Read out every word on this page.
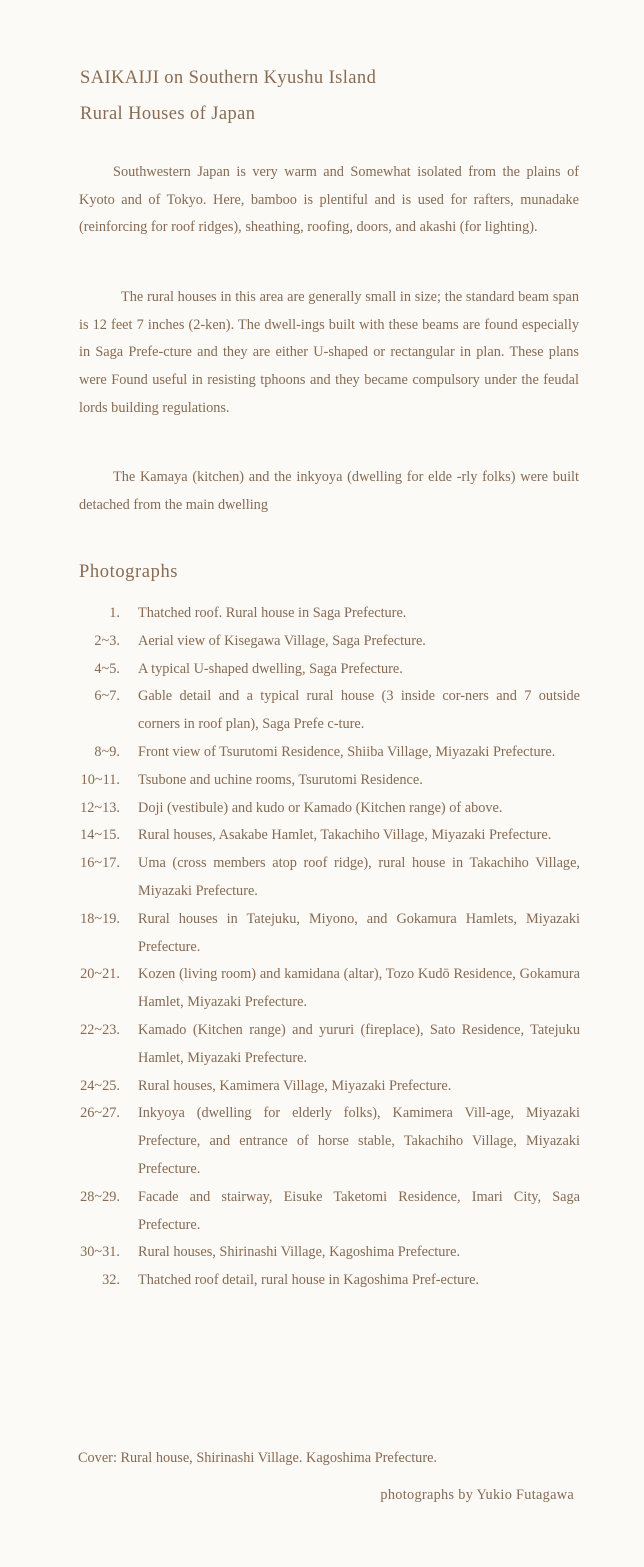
SAIKAIJI on Southern Kyushu Island
Rural Houses of Japan

Southwestern Japan is very warm and Somewhat isolated from the plains of Kyoto and of Tokyo. Here, bamboo is plentiful and is used for rafters, munadake (reinforcing for roof ridges), sheathing, roofing, doors, and akashi (for lighting).

The rural houses in this area are generally small in size; the standard beam span is 12 feet 7 inches (2-ken). The dwell-ings built with these beams are found especially in Saga Prefe-cture and they are either U-shaped or rectangular in plan. These plans were Found useful in resisting tphoons and they became compulsory under the feudal lords building regulations.

The Kamaya (kitchen) and the inkyoya (dwelling for elde -rly folks) were built detached from the main dwelling

Photographs
1.	Thatched roof. Rural house in Saga Prefecture.
2~3.	Aerial view of Kisegawa Village, Saga Prefecture.
4~5.	A typical U-shaped dwelling, Saga Prefecture.
6~7.	Gable detail and a typical rural house (3 inside cor-ners and 7 outside corners in roof plan), Saga Prefe c-ture.
8~9.	Front view of Tsurutomi Residence, Shiiba Village, Miyazaki Prefecture.
10~11.	Tsubone and uchine rooms, Tsurutomi Residence.
12~13.	Doji (vestibule) and kudo or Kamado (Kitchen range) of above.
14~15.	Rural houses, Asakabe Hamlet, Takachiho Village, Miyazaki Prefecture.
16~17.	Uma (cross members atop roof ridge), rural house in Takachiho Village, Miyazaki Prefecture.
18~19.	Rural houses in Tatejuku, Miyono, and Gokamura Hamlets, Miyazaki Prefecture.
20~21.	Kozen (living room) and kamidana (altar), Tozo Kudō Residence, Gokamura Hamlet, Miyazaki Prefecture.
22~23.	Kamado (Kitchen range) and yururi (fireplace), Sato Residence, Tatejuku Hamlet, Miyazaki Prefecture.
24~25.	Rural houses, Kamimera Village, Miyazaki Prefecture.
26~27.	Inkyoya (dwelling for elderly folks), Kamimera Vill-age, Miyazaki Prefecture, and entrance of horse stable, Takachiho Village, Miyazaki Prefecture.
28~29.	Facade and stairway, Eisuke Taketomi Residence, Imari City, Saga Prefecture.
30~31.	Rural houses, Shirinashi Village, Kagoshima Prefecture.
32.	Thatched roof detail, rural house in Kagoshima Pref-ecture.
Cover: Rural house, Shirinashi Village. Kagoshima Prefecture.
photographs by Yukio Futagawa
